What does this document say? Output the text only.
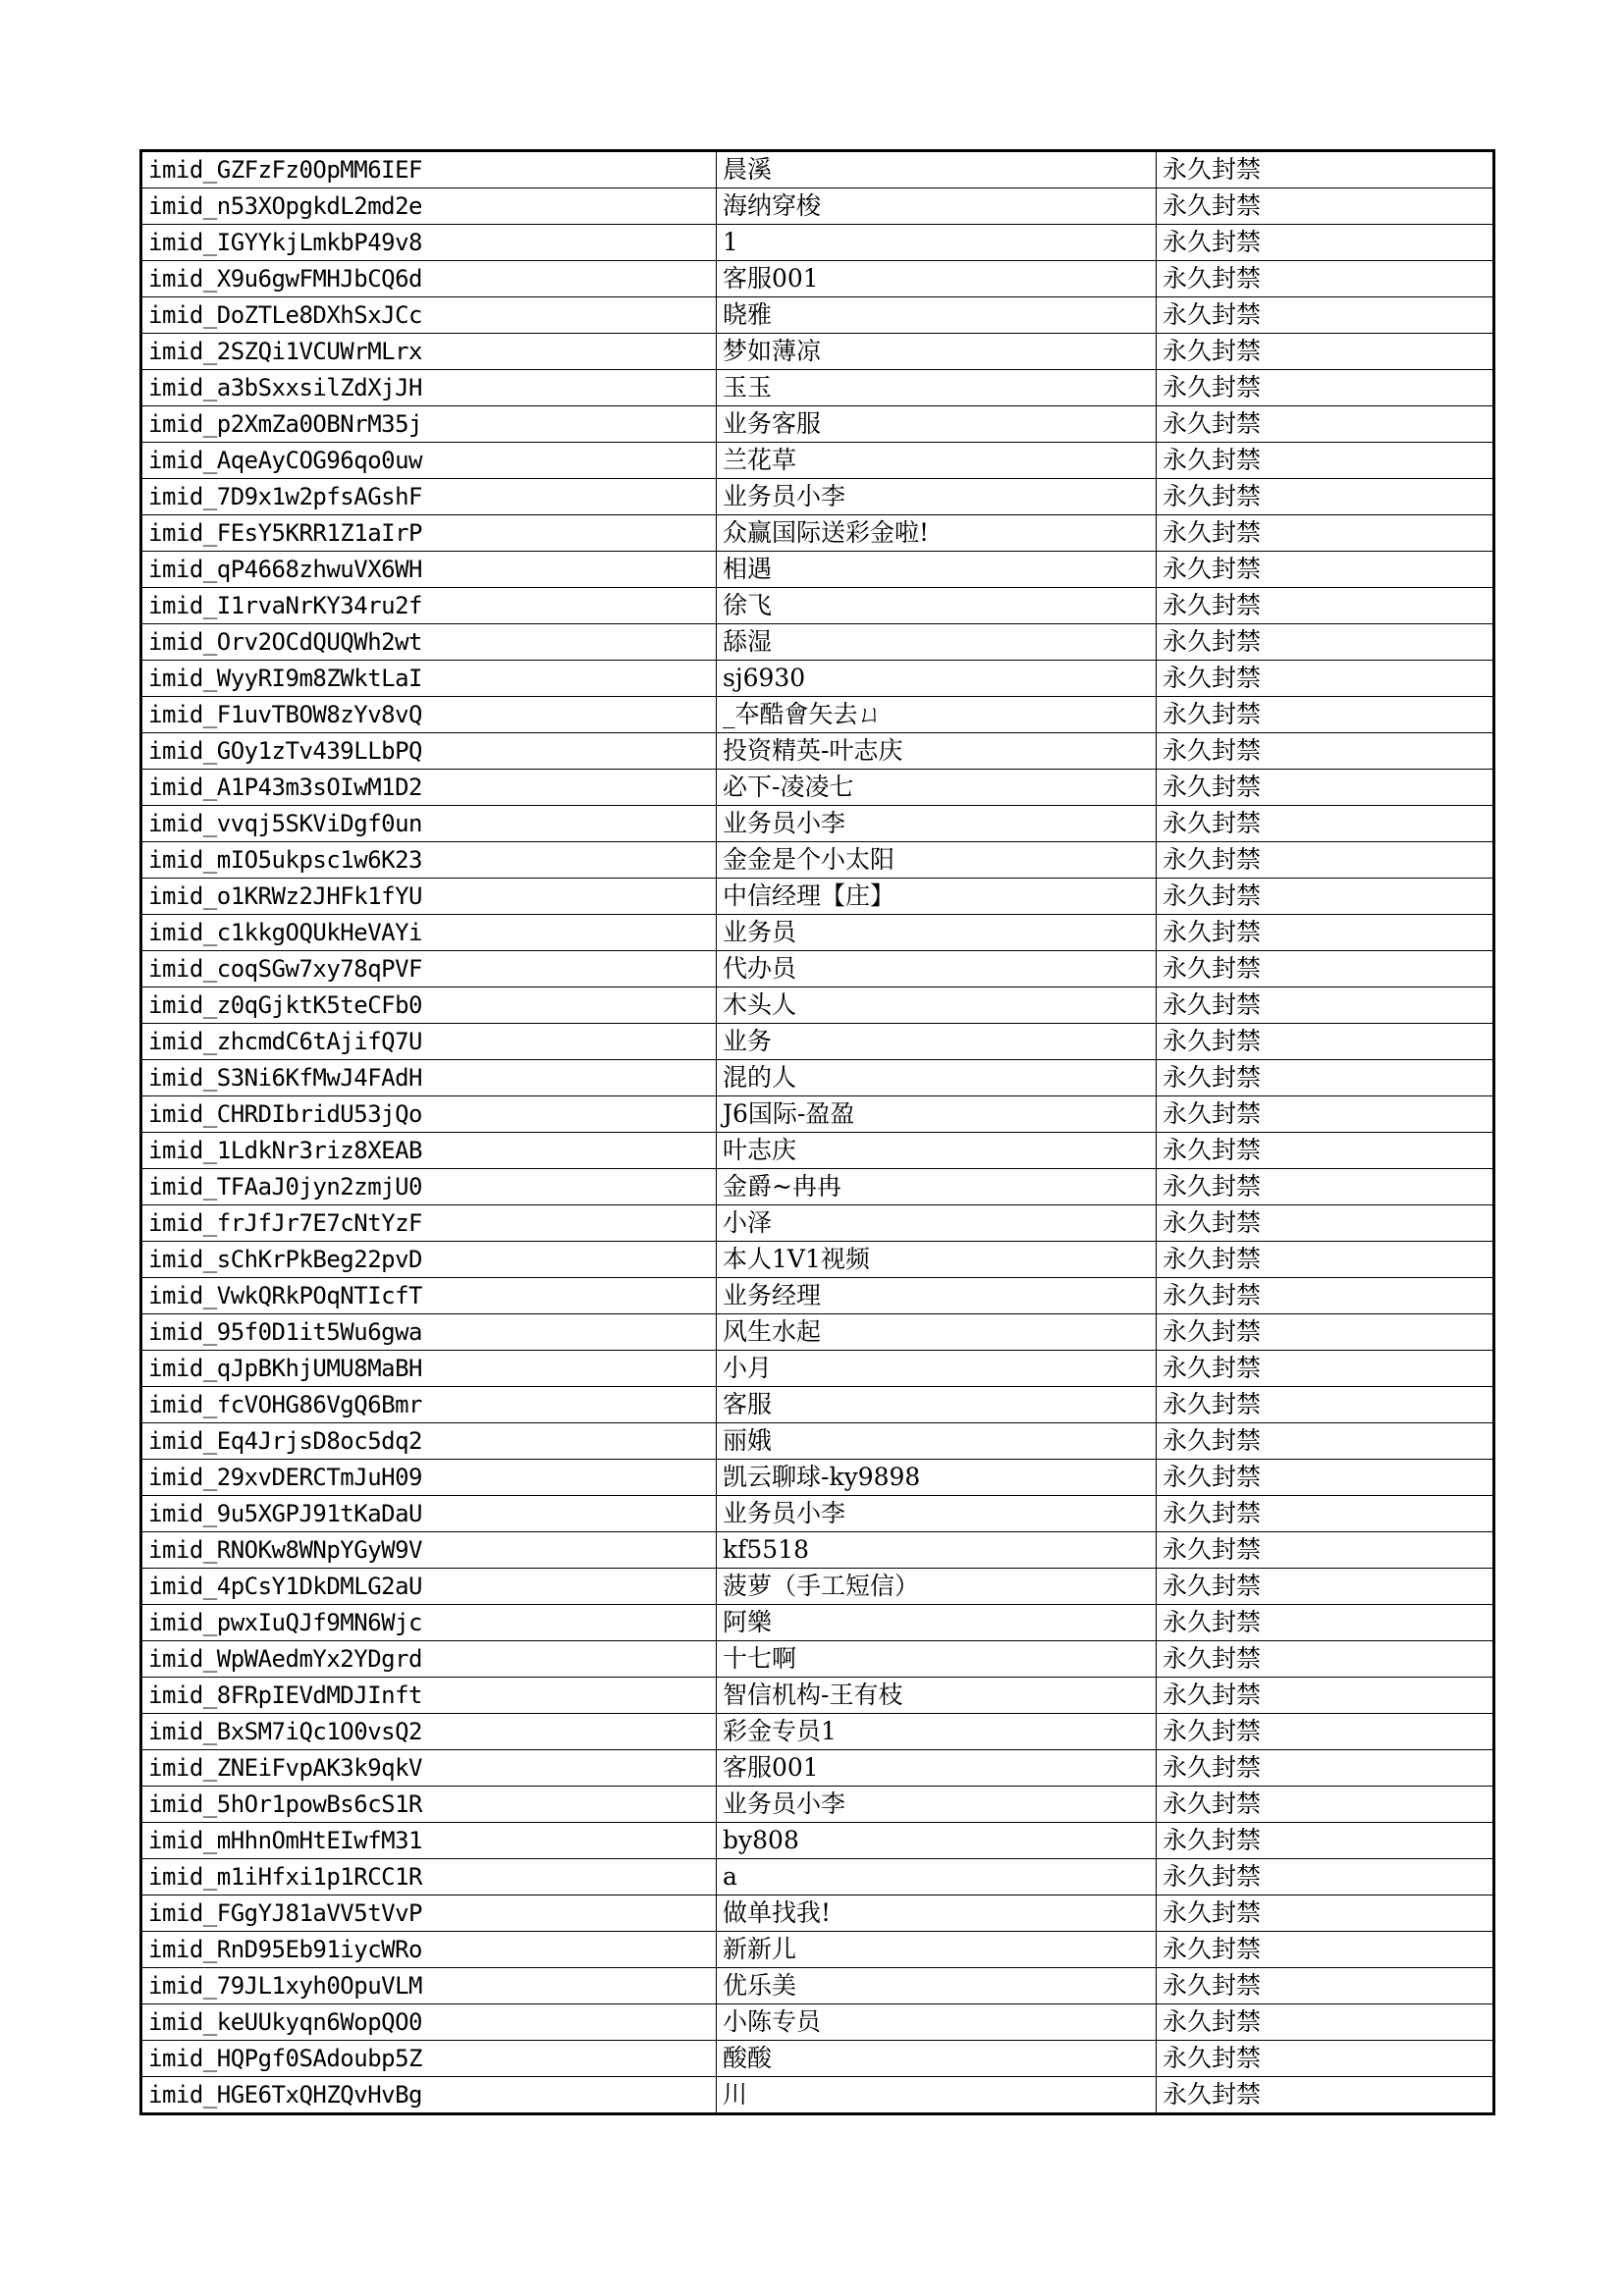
imid_GZFzFz0OpMM6IEF	晨溪	永久封禁
imid_n53XOpgkdL2md2e	海纳穿梭	永久封禁
imid_IGYYkjLmkbP49v8	1	永久封禁
imid_X9u6gwFMHJbCQ6d	客服001	永久封禁
imid_DoZTLe8DXhSxJCc	晓雅	永久封禁
imid_2SZQi1VCUWrMLrx	梦如薄凉	永久封禁
imid_a3bSxxsilZdXjJH	玉玉	永久封禁
imid_p2XmZa0OBNrM35j	业务客服	永久封禁
imid_AqeAyCOG96qo0uw	兰花草	永久封禁
imid_7D9x1w2pfsAGshF	业务员小李	永久封禁
imid_FEsY5KRR1Z1aIrP	众赢国际送彩金啦!	永久封禁
imid_qP4668zhwuVX6WH	相遇	永久封禁
imid_I1rvaNrKY34ru2f	徐飞	永久封禁
imid_Orv2OCdQUQWh2wt	舔湿	永久封禁
imid_WyyRI9m8ZWktLaI	sj6930	永久封禁
imid_F1uvTBOW8zYv8vQ	_夲酷會矢去ㄩ	永久封禁
imid_GOy1zTv439LLbPQ	投资精英-叶志庆	永久封禁
imid_A1P43m3sOIwM1D2	必下-凌凌七	永久封禁
imid_vvqj5SKViDgf0un	业务员小李	永久封禁
imid_mIO5ukpsc1w6K23	金金是个小太阳	永久封禁
imid_o1KRWz2JHFk1fYU	中信经理【庄】	永久封禁
imid_c1kkgOQUkHeVAYi	业务员	永久封禁
imid_coqSGw7xy78qPVF	代办员	永久封禁
imid_z0qGjktK5teCFb0	木头人	永久封禁
imid_zhcmdC6tAjifQ7U	业务	永久封禁
imid_S3Ni6KfMwJ4FAdH	混的人	永久封禁
imid_CHRDIbridU53jQo	J6国际-盈盈	永久封禁
imid_1LdkNr3riz8XEAB	叶志庆	永久封禁
imid_TFAaJ0jyn2zmjU0	金爵~冉冉	永久封禁
imid_frJfJr7E7cNtYzF	小泽	永久封禁
imid_sChKrPkBeg22pvD	本人1V1视频	永久封禁
imid_VwkQRkPOqNTIcfT	业务经理	永久封禁
imid_95f0D1it5Wu6gwa	风生水起	永久封禁
imid_qJpBKhjUMU8MaBH	小月	永久封禁
imid_fcVOHG86VgQ6Bmr	客服	永久封禁
imid_Eq4JrjsD8oc5dq2	丽娥	永久封禁
imid_29xvDERCTmJuH09	凯云聊球-ky9898	永久封禁
imid_9u5XGPJ91tKaDaU	业务员小李	永久封禁
imid_RNOKw8WNpYGyW9V	kf5518	永久封禁
imid_4pCsY1DkDMLG2aU	菠萝（手工短信）	永久封禁
imid_pwxIuQJf9MN6Wjc	阿樂	永久封禁
imid_WpWAedmYx2YDgrd	十七啊	永久封禁
imid_8FRpIEVdMDJInft	智信机构-王有枝	永久封禁
imid_BxSM7iQc1O0vsQ2	彩金专员1	永久封禁
imid_ZNEiFvpAK3k9qkV	客服001	永久封禁
imid_5hOr1powBs6cS1R	业务员小李	永久封禁
imid_mHhnOmHtEIwfM31	by808	永久封禁
imid_m1iHfxi1p1RCC1R	a	永久封禁
imid_FGgYJ81aVV5tVvP	做单找我!	永久封禁
imid_RnD95Eb91iycWRo	新新儿	永久封禁
imid_79JL1xyh0OpuVLM	优乐美	永久封禁
imid_keUUkyqn6WopQO0	小陈专员	永久封禁
imid_HQPgf0SAdoubp5Z	酸酸	永久封禁
imid_HGE6TxQHZQvHvBg	川	永久封禁
